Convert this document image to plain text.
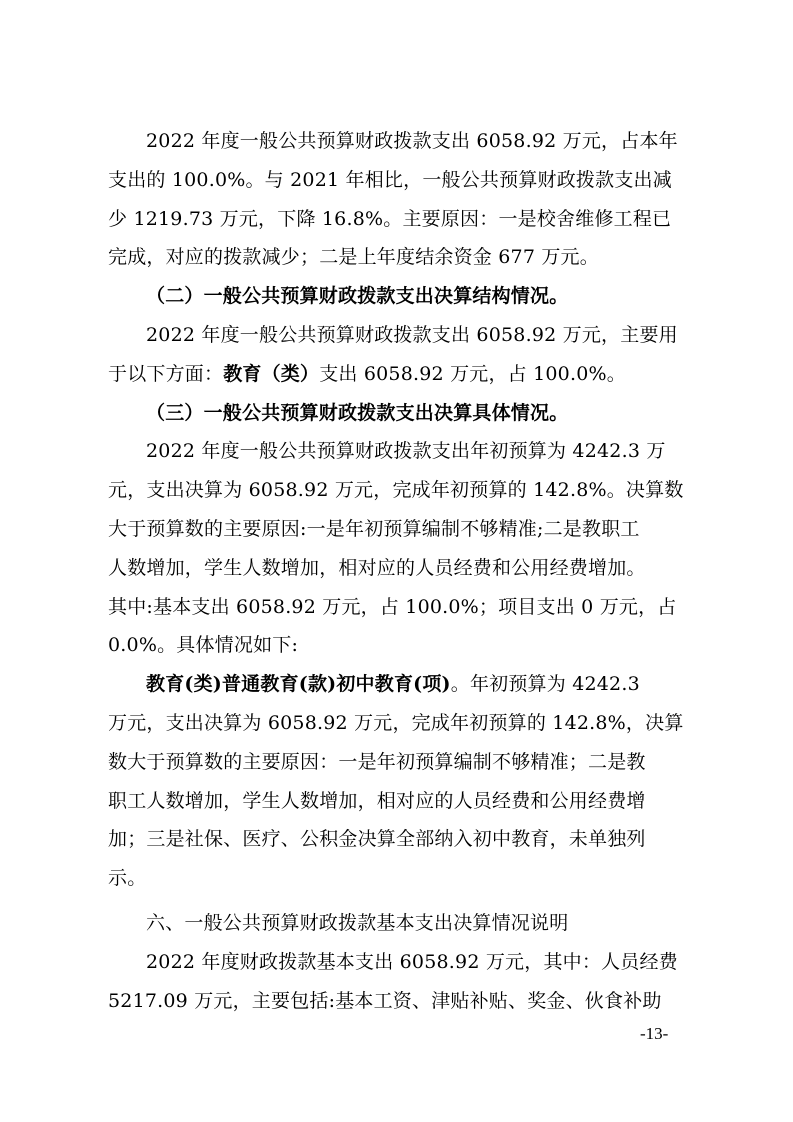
2022 年度一般公共预算财政拨款支出 6058.92 万元，占本年
支出的 100.0%。与 2021 年相比，一般公共预算财政拨款支出减
少 1219.73 万元，下降 16.8%。主要原因：一是校舍维修工程已
完成，对应的拨款减少；二是上年度结余资金 677 万元。
（二）一般公共预算财政拨款支出决算结构情况。
2022 年度一般公共预算财政拨款支出 6058.92 万元，主要用
于以下方面：教育（类）支出 6058.92 万元，占 100.0%。
（三）一般公共预算财政拨款支出决算具体情况。
2022 年度一般公共预算财政拨款支出年初预算为 4242.3 万
元，支出决算为 6058.92 万元，完成年初预算的 142.8%。决算数
大于预算数的主要原因:一是年初预算编制不够精准;二是教职工
人数增加，学生人数增加，相对应的人员经费和公用经费增加。
其中:基本支出 6058.92 万元，占 100.0%；项目支出 0 万元，占
0.0%。具体情况如下:
教育(类)普通教育(款)初中教育(项)。年初预算为 4242.3
万元，支出决算为 6058.92 万元，完成年初预算的 142.8%，决算
数大于预算数的主要原因：一是年初预算编制不够精准；二是教
职工人数增加，学生人数增加，相对应的人员经费和公用经费增
加；三是社保、医疗、公积金决算全部纳入初中教育，未单独列
示。
六、一般公共预算财政拨款基本支出决算情况说明
2022 年度财政拨款基本支出 6058.92 万元，其中：人员经费
5217.09 万元，主要包括:基本工资、津贴补贴、奖金、伙食补助
-13-
